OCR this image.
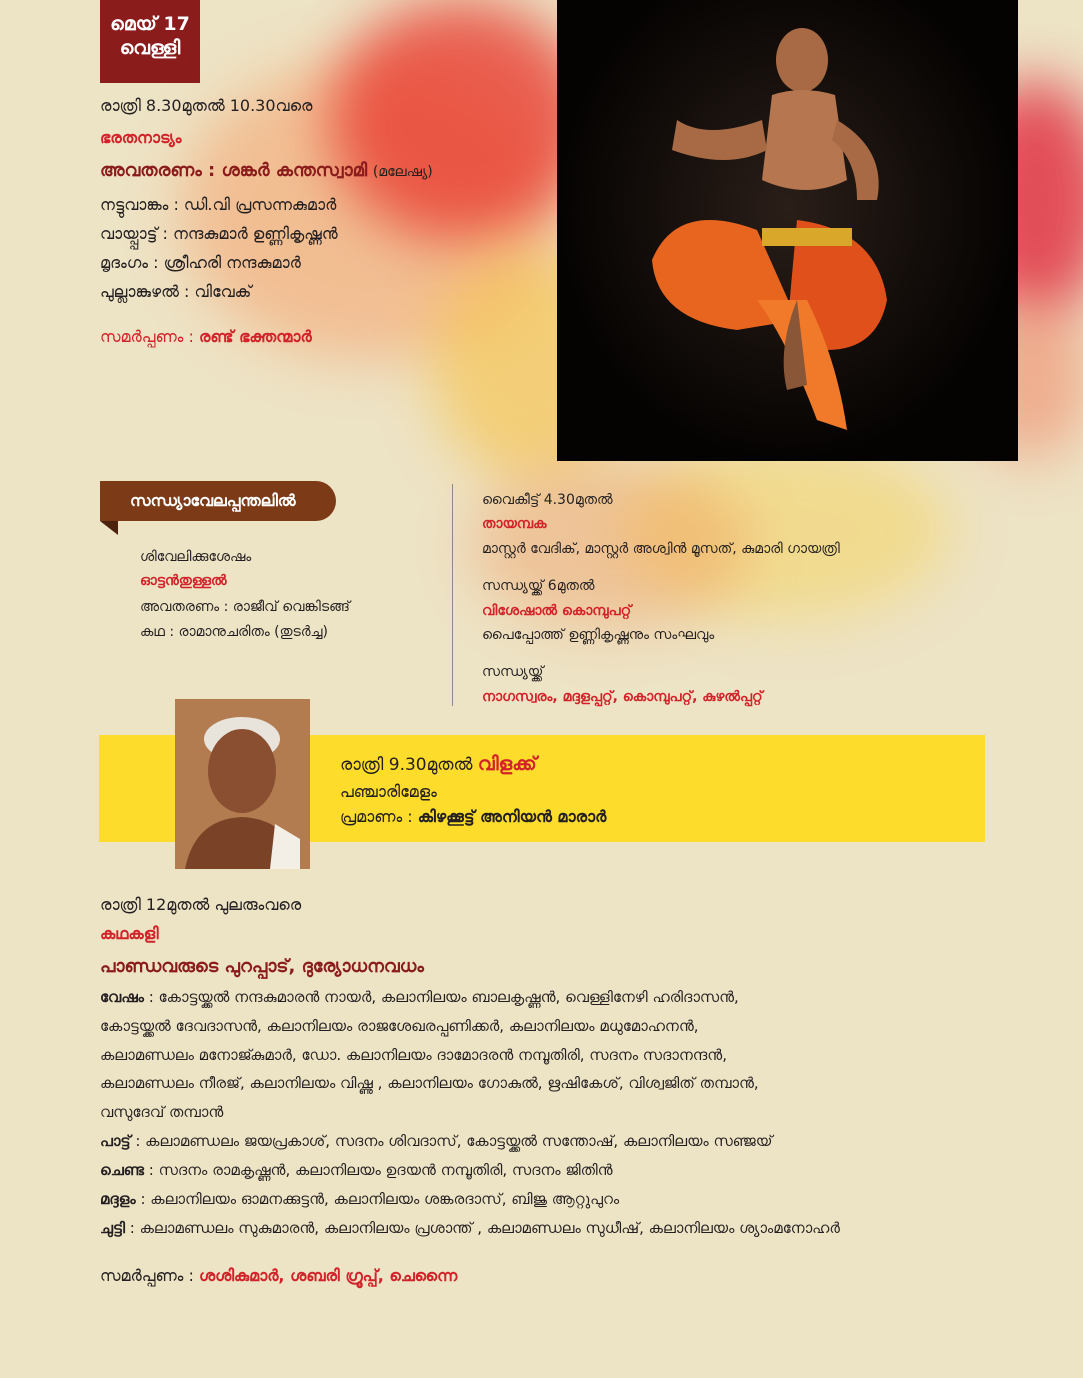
മെയ് 17
വെള്ളി
രാത്രി 8.30മുതൽ 10.30വരെ
ഭരതനാട്യം
അവതരണം : ശങ്കർ കന്തസ്വാമി (മലേഷ്യ)
നട്ടുവാങ്കം : ഡി.വി പ്രസന്നകുമാർ
വായ്പ്പാട്ട് : നന്ദകുമാർ ഉണ്ണികൃഷ്ണൻ
മൃദംഗം : ശ്രീഹരി നന്ദകുമാർ
പുല്ലാങ്കുഴൽ : വിവേക്
സമർപ്പണം : രണ്ട് ഭക്തന്മാർ
സന്ധ്യാവേലപ്പന്തലിൽ
ശിവേലിക്കുശേഷം
ഓട്ടൻതുള്ളൽ
അവതരണം : രാജീവ് വെങ്കിടങ്ങ്
കഥ : രാമാനുചരിതം (തുടർച്ച)
വൈകീട്ട് 4.30മുതൽ
തായമ്പക
മാസ്റ്റർ വേദിക്, മാസ്റ്റർ അശ്വിൻ മൂസത്, കുമാരി ഗായത്രി
സന്ധ്യയ്ക്ക് 6മുതൽ
വിശേഷാൽ കൊമ്പുപറ്റ്
പൈപ്പോത്ത് ഉണ്ണികൃഷ്ണനും സംഘവും
സന്ധ്യയ്ക്ക്
നാഗസ്വരം, മദ്ദളപ്പറ്റ്, കൊമ്പുപറ്റ്, കുഴൽപ്പറ്റ്
രാത്രി 9.30മുതൽ വിളക്ക്
പഞ്ചാരിമേളം
പ്രമാണം : കിഴക്കൂട്ട് അനിയൻ മാരാർ
രാത്രി 12മുതൽ പുലരുംവരെ
കഥകളി
പാണ്ഡവരുടെ പുറപ്പാട്, ദുര്യോധനവധം
വേഷം : കോട്ടയ്ക്കൽ നന്ദകുമാരൻ നായർ, കലാനിലയം ബാലകൃഷ്ണൻ, വെള്ളിനേഴി ഹരിദാസൻ,
കോട്ടയ്ക്കൽ ദേവദാസൻ, കലാനിലയം രാജശേഖരപ്പണിക്കർ, കലാനിലയം മധുമോഹനൻ,
കലാമണ്ഡലം മനോജ്കുമാർ, ഡോ. കലാനിലയം ദാമോദരൻ നമ്പൂതിരി, സദനം സദാനന്ദൻ,
കലാമണ്ഡലം നീരജ്, കലാനിലയം വിഷ്ണു , കലാനിലയം ഗോകുൽ, ഋഷികേശ്, വിശ്വജിത് തമ്പാൻ,
വസുദേവ് തമ്പാൻ
പാട്ട് : കലാമണ്ഡലം ജയപ്രകാശ്, സദനം ശിവദാസ്, കോട്ടയ്ക്കൽ സന്തോഷ്, കലാനിലയം സഞ്ജയ്
ചെണ്ട : സദനം രാമകൃഷ്ണൻ, കലാനിലയം ഉദയൻ നമ്പൂതിരി, സദനം ജിതിൻ
മദ്ദളം : കലാനിലയം ഓമനക്കുട്ടൻ, കലാനിലയം ശങ്കരദാസ്, ബിജു ആറ്റുപുറം
ചുട്ടി : കലാമണ്ഡലം സുകുമാരൻ, കലാനിലയം പ്രശാന്ത് , കലാമണ്ഡലം സുധീഷ്, കലാനിലയം ശ്യാംമനോഹർ
സമർപ്പണം : ശശികുമാർ, ശബരി ഗ്രൂപ്പ്, ചെന്നൈ
